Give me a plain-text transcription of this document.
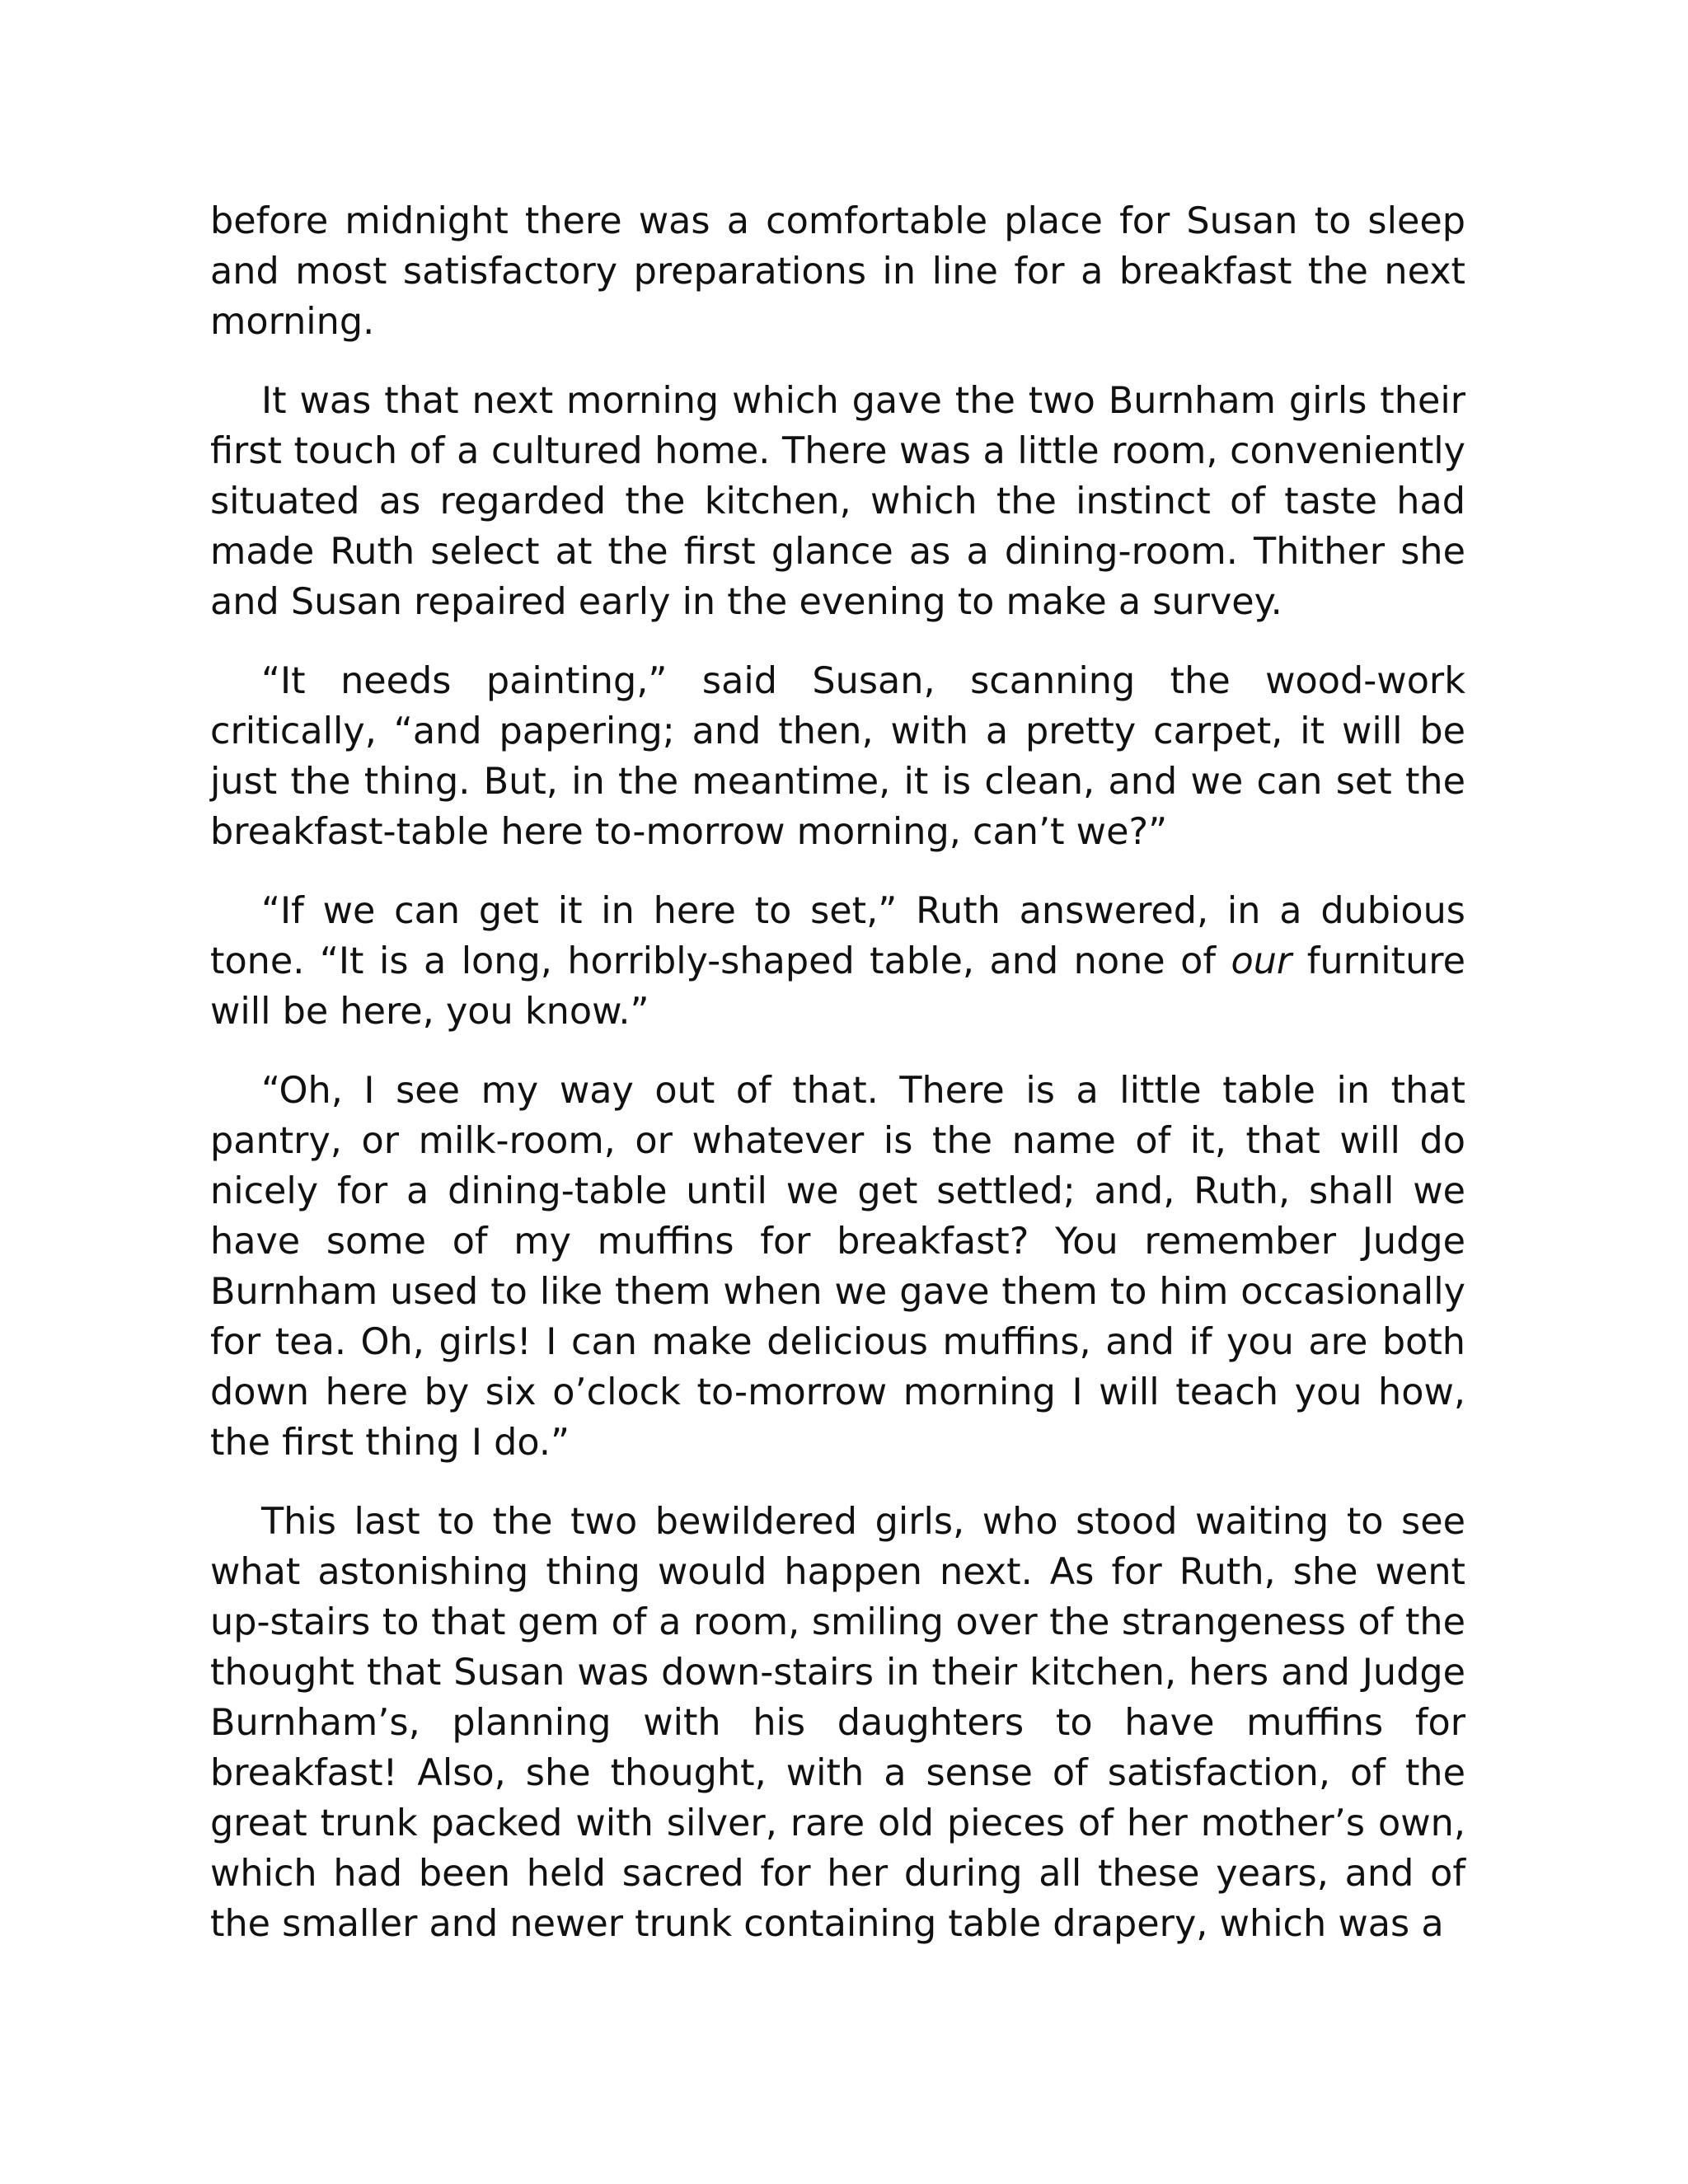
before midnight there was a comfortable place for Susan to sleep and most satisfactory preparations in line for a breakfast the next morning.

It was that next morning which gave the two Burnham girls their first touch of a cultured home. There was a little room, conveniently situated as regarded the kitchen, which the instinct of taste had made Ruth select at the first glance as a dining-room. Thither she and Susan repaired early in the evening to make a survey.

“It needs painting,” said Susan, scanning the wood-work critically, “and papering; and then, with a pretty carpet, it will be just the thing. But, in the meantime, it is clean, and we can set the breakfast-table here to-morrow morning, can’t we?”

“If we can get it in here to set,” Ruth answered, in a dubious tone. “It is a long, horribly-shaped table, and none of our furniture will be here, you know.”

“Oh, I see my way out of that. There is a little table in that pantry, or milk-room, or whatever is the name of it, that will do nicely for a dining-table until we get settled; and, Ruth, shall we have some of my muffins for breakfast? You remember Judge Burnham used to like them when we gave them to him occasionally for tea. Oh, girls! I can make delicious muffins, and if you are both down here by six o’clock to-morrow morning I will teach you how, the first thing I do.”

This last to the two bewildered girls, who stood waiting to see what astonishing thing would happen next. As for Ruth, she went up-stairs to that gem of a room, smiling over the strangeness of the thought that Susan was down-stairs in their kitchen, hers and Judge Burnham’s, planning with his daughters to have muffins for breakfast! Also, she thought, with a sense of satisfaction, of the great trunk packed with silver, rare old pieces of her mother’s own, which had been held sacred for her during all these years, and of the smaller and newer trunk containing table drapery, which was a
